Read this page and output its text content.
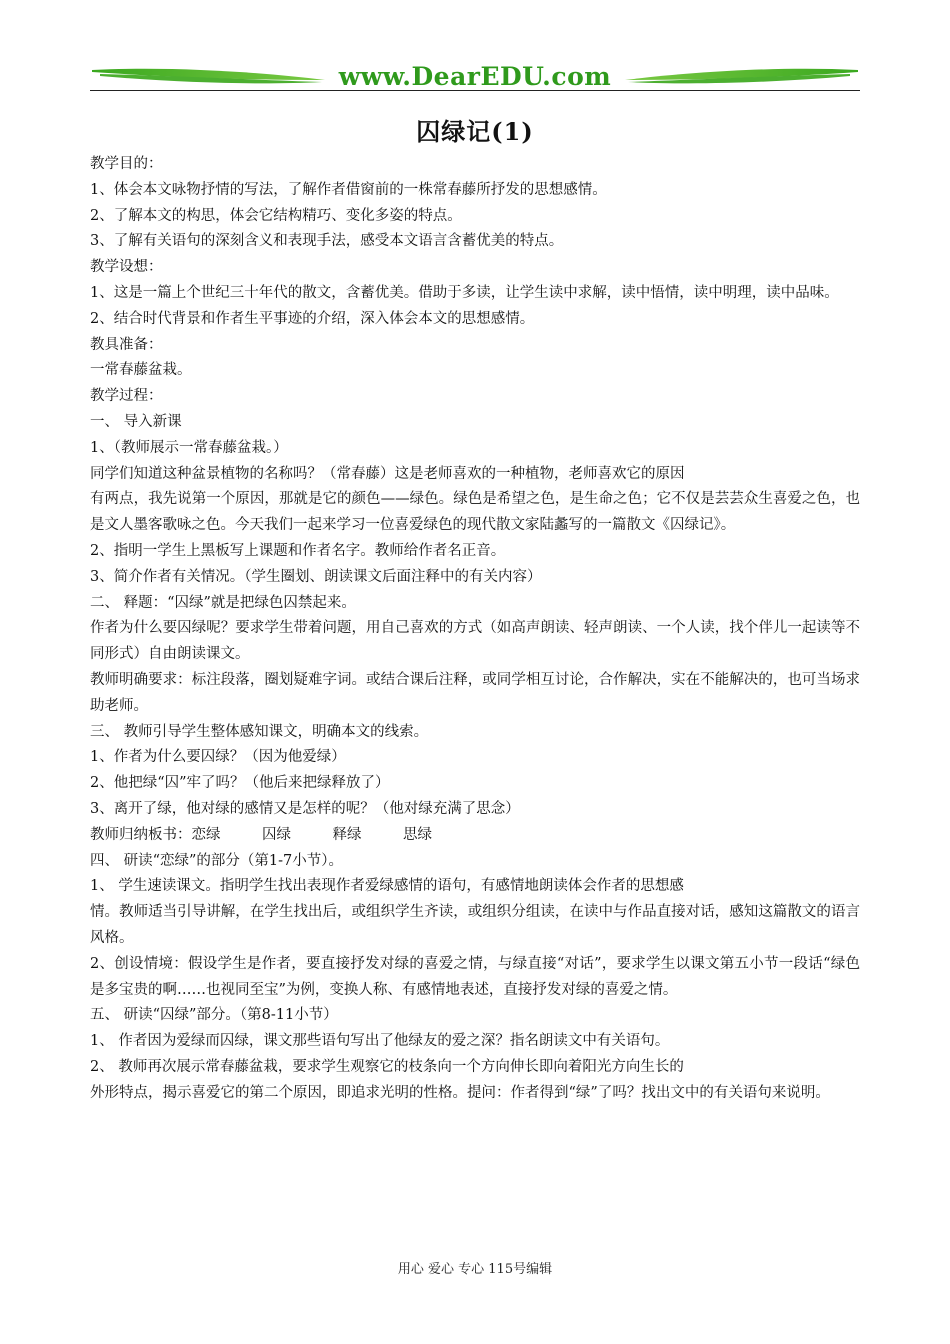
www.DearEDU.com
囚绿记(1)

教学目的：

1、体会本文咏物抒情的写法，了解作者借窗前的一株常春藤所抒发的思想感情。

2、了解本文的构思，体会它结构精巧、变化多姿的特点。

3、了解有关语句的深刻含义和表现手法，感受本文语言含蓄优美的特点。

教学设想：

1、这是一篇上个世纪三十年代的散文，含蓄优美。借助于多读，让学生读中求解，读中悟情，读中明理，读中品味。

2、结合时代背景和作者生平事迹的介绍，深入体会本文的思想感情。

教具准备：

一常春藤盆栽。

教学过程：

一、 导入新课

1、（教师展示一常春藤盆栽。）

同学们知道这种盆景植物的名称吗？（常春藤）这是老师喜欢的一种植物，老师喜欢它的原因

有两点，我先说第一个原因，那就是它的颜色——绿色。绿色是希望之色，是生命之色；它不仅是芸芸众生喜爱之色，也是文人墨客歌咏之色。今天我们一起来学习一位喜爱绿色的现代散文家陆蠡写的一篇散文《囚绿记》。

2、指明一学生上黑板写上课题和作者名字。教师给作者名正音。

3、简介作者有关情况。（学生圈划、朗读课文后面注释中的有关内容）

二、 释题：“囚绿”就是把绿色囚禁起来。

作者为什么要囚绿呢？要求学生带着问题，用自己喜欢的方式（如高声朗读、轻声朗读、一个人读，找个伴儿一起读等不同形式）自由朗读课文。

教师明确要求：标注段落，圈划疑难字词。或结合课后注释，或同学相互讨论，合作解决，实在不能解决的，也可当场求助老师。

三、 教师引导学生整体感知课文，明确本文的线索。

1、作者为什么要囚绿？（因为他爱绿）

2、他把绿“囚”牢了吗？（他后来把绿释放了）

3、离开了绿，他对绿的感情又是怎样的呢？（他对绿充满了思念）

教师归纳板书：恋绿         囚绿         释绿         思绿

四、 研读“恋绿”的部分（第1-7小节）。

1、 学生速读课文。指明学生找出表现作者爱绿感情的语句，有感情地朗读体会作者的思想感

情。教师适当引导讲解，在学生找出后，或组织学生齐读，或组织分组读，在读中与作品直接对话，感知这篇散文的语言风格。

2、创设情境：假设学生是作者，要直接抒发对绿的喜爱之情，与绿直接“对话”，要求学生以课文第五小节一段话“绿色是多宝贵的啊……也视同至宝”为例，变换人称、有感情地表述，直接抒发对绿的喜爱之情。

五、 研读“囚绿”部分。（第8-11小节）

1、 作者因为爱绿而囚绿，课文那些语句写出了他绿友的爱之深？指名朗读文中有关语句。

2、 教师再次展示常春藤盆栽，要求学生观察它的枝条向一个方向伸长即向着阳光方向生长的

外形特点，揭示喜爱它的第二个原因，即追求光明的性格。提问：作者得到“绿”了吗？找出文中的有关语句来说明。

用心 爱心 专心 115号编辑
